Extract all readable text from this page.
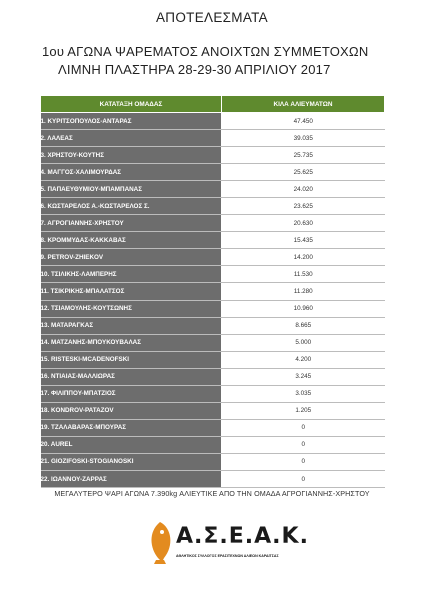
ΑΠΟΤΕΛΕΣΜΑΤΑ
1ου ΑΓΩΝΑ ΨΑΡΕΜΑΤΟΣ ΑΝΟΙΧΤΩΝ ΣΥΜΜΕΤΟΧΩΝ
ΛΙΜΝΗ ΠΛΑΣΤΗΡΑ 28-29-30 ΑΠΡΙΛΙΟΥ 2017
ΚΑΤΑΤΑΞΗ ΟΜΑΔΑΣ	ΚΙΛΑ ΑΛΙΕΥΜΑΤΩΝ
1. ΚΥΡΙΤΣΟΠΟΥΛΟΣ-ΑΝΤΑΡΑΣ	47.450
2. ΛΑΛΕΑΣ	39.035
3. ΧΡΗΣΤΟΥ-ΚΟΥΤΗΣ	25.735
4. ΜΑΓΓΟΣ-ΧΑΛΙΜΟΥΡΔΑΣ	25.625
5. ΠΑΠΑΕΥΘΥΜΙΟΥ-ΜΠΑΜΠΑΝΑΣ	24.020
6. ΚΩΣΤΑΡΕΛΟΣ Α.-ΚΩΣΤΑΡΕΛΟΣ Σ.	23.625
7. ΑΓΡΟΓΙΑΝΝΗΣ-ΧΡΗΣΤΟΥ	20.630
8. ΚΡΟΜΜΥΔΑΣ-ΚΑΚΚΑΒΑΣ	15.435
9. PETROV-ZHIEKOV	14.200
10. ΤΣΙΛΙΚΗΣ-ΛΑΜΠΕΡΗΣ	11.530
11. ΤΣΙΚΡΙΚΗΣ-ΜΠΑΛΑΤΣΟΣ	11.280
12. ΤΣΙΑΜΟΥΛΗΣ-ΚΟΥΤΣΩΝΗΣ	10.960
13. ΜΑΤΑΡΑΓΚΑΣ	8.665
14. ΜΑΤΖΑΝΗΣ-ΜΠΟΥΚΟΥΒΑΛΑΣ	5.000
15. RISTESKI-MCADENOFSKI	4.200
16. ΝΤΙΑΙΑΣ-ΜΑΛΛΙΩΡΑΣ	3.245
17. ΦΙΛΙΠΠΟΥ-ΜΠΑΤΖΙΟΣ	3.035
18. KONDROV-PATAZOV	1.205
19. ΤΖΑΛΑΒΑΡΑΣ-ΜΠΟΥΡΑΣ	0
20. AUREL	0
21. GIOZIFOSKI-STOGIANOSKI	0
22. ΙΩΑΝΝΟΥ-ΖΑΡΡΑΣ	0
ΜΕΓΑΛΥΤΕΡΟ ΨΑΡΙ ΑΓΩΝΑ 7.390kg ΑΛΙΕΥΤΙΚΕ ΑΠΟ ΤΗΝ ΟΜΑΔΑ ΑΓΡΟΓΙΑΝΝΗΣ-ΧΡΗΣΤΟΥ
Α.Σ.Ε.Α.Κ.
ΑΘΛΗΤΙΚΟΣ ΣΥΛΛΟΓΟΣ ΕΡΑΣΙΤΕΧΝΩΝ ΑΛΙΕΩΝ ΚΑΡΔΙΤΣΑΣ
